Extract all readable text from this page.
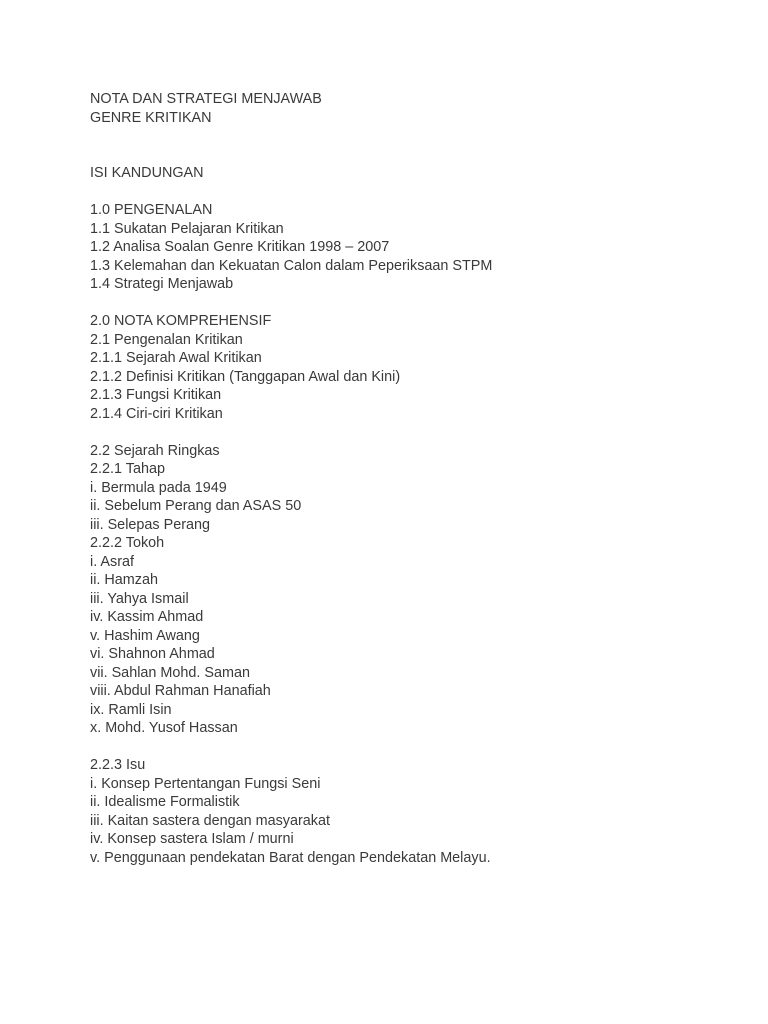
NOTA DAN STRATEGI MENJAWAB
GENRE KRITIKAN
ISI KANDUNGAN
1.0 PENGENALAN
1.1 Sukatan Pelajaran Kritikan
1.2 Analisa Soalan Genre Kritikan 1998 – 2007
1.3 Kelemahan dan Kekuatan Calon dalam Peperiksaan STPM
1.4 Strategi Menjawab
2.0 NOTA KOMPREHENSIF
2.1 Pengenalan Kritikan
2.1.1 Sejarah Awal Kritikan
2.1.2 Definisi Kritikan (Tanggapan Awal dan Kini)
2.1.3 Fungsi Kritikan
2.1.4 Ciri-ciri Kritikan
2.2 Sejarah Ringkas
2.2.1 Tahap
i. Bermula pada 1949
ii. Sebelum Perang dan ASAS 50
iii. Selepas Perang
2.2.2 Tokoh
i. Asraf
ii. Hamzah
iii. Yahya Ismail
iv. Kassim Ahmad
v. Hashim Awang
vi. Shahnon Ahmad
vii. Sahlan Mohd. Saman
viii. Abdul Rahman Hanafiah
ix. Ramli Isin
x. Mohd. Yusof Hassan
2.2.3 Isu
i. Konsep Pertentangan Fungsi Seni
ii. Idealisme Formalistik
iii. Kaitan sastera dengan masyarakat
iv. Konsep sastera Islam / murni
v. Penggunaan pendekatan Barat dengan Pendekatan Melayu.
